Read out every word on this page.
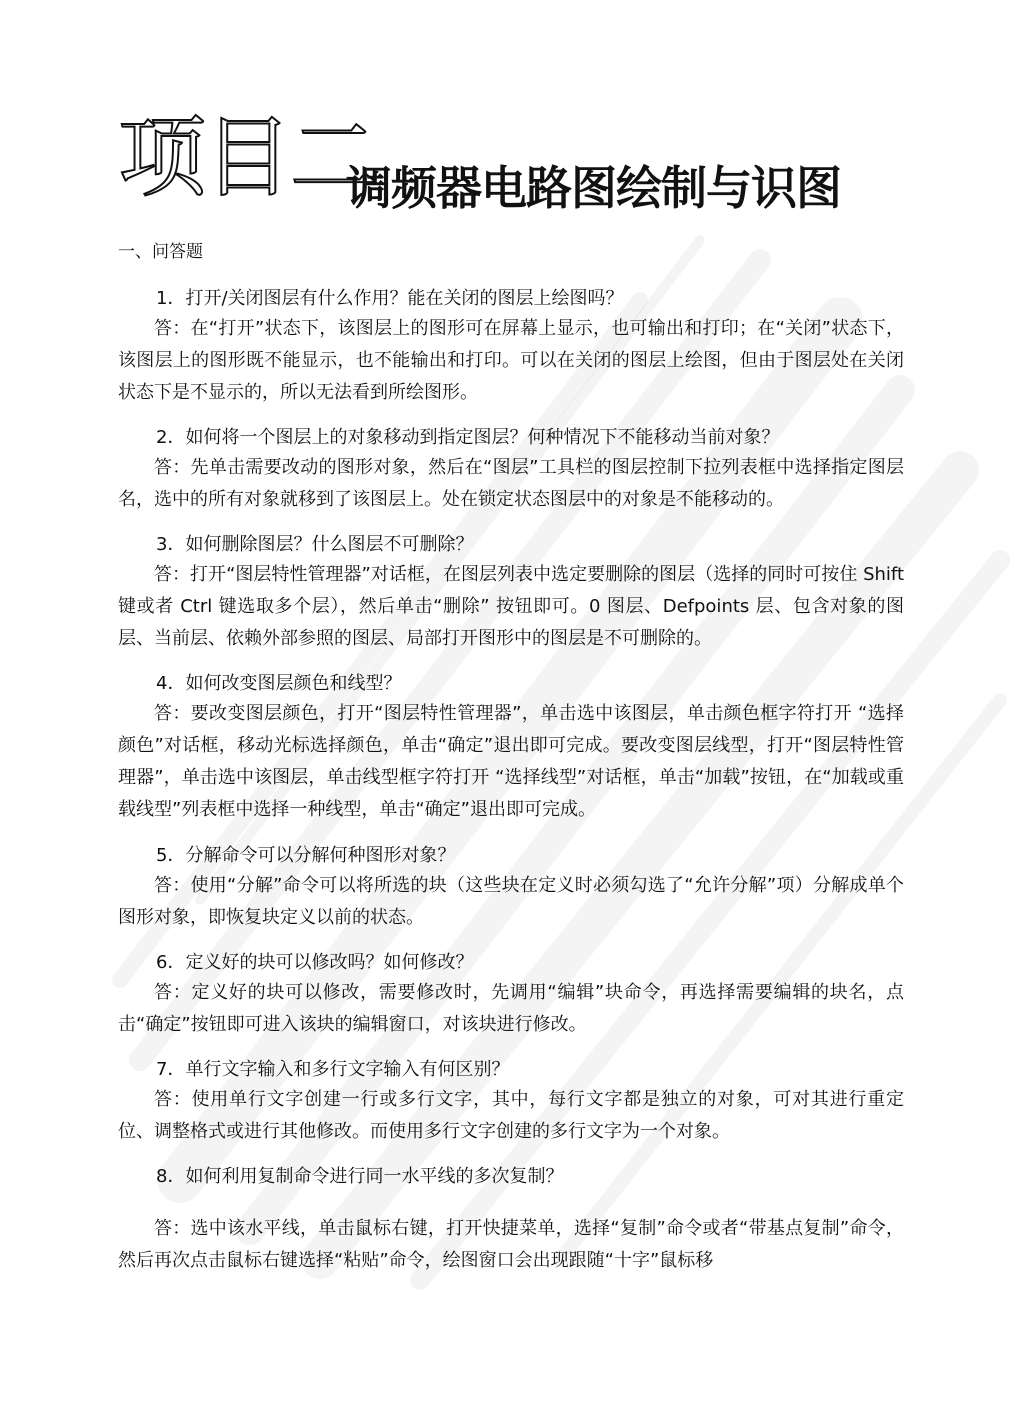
项目二
调频器电路图绘制与识图
一、问答题

1．打开/关闭图层有什么作用？能在关闭的图层上绘图吗？

答：在“打开”状态下，该图层上的图形可在屏幕上显示，也可输出和打印；在“关闭”状态下，该图层上的图形既不能显示，也不能输出和打印。可以在关闭的图层上绘图，但由于图层处在关闭状态下是不显示的，所以无法看到所绘图形。

2．如何将一个图层上的对象移动到指定图层？何种情况下不能移动当前对象？

答：先单击需要改动的图形对象，然后在“图层”工具栏的图层控制下拉列表框中选择指定图层名，选中的所有对象就移到了该图层上。处在锁定状态图层中的对象是不能移动的。

3．如何删除图层？什么图层不可删除？

答：打开“图层特性管理器”对话框，在图层列表中选定要删除的图层（选择的同时可按住 Shift 键或者 Ctrl 键选取多个层），然后单击“删除” 按钮即可。0 图层、Defpoints 层、包含对象的图层、当前层、依赖外部参照的图层、局部打开图形中的图层是不可删除的。

4．如何改变图层颜色和线型？

答：要改变图层颜色，打开“图层特性管理器”，单击选中该图层，单击颜色框字符打开 “选择颜色”对话框，移动光标选择颜色，单击“确定”退出即可完成。要改变图层线型，打开“图层特性管理器”，单击选中该图层，单击线型框字符打开 “选择线型”对话框，单击“加载”按钮，在“加载或重载线型”列表框中选择一种线型，单击“确定”退出即可完成。

5．分解命令可以分解何种图形对象？

答：使用“分解”命令可以将所选的块（这些块在定义时必须勾选了“允许分解”项）分解成单个图形对象，即恢复块定义以前的状态。

6．定义好的块可以修改吗？如何修改？

答：定义好的块可以修改，需要修改时，先调用“编辑”块命令，再选择需要编辑的块名，点击“确定”按钮即可进入该块的编辑窗口，对该块进行修改。

7．单行文字输入和多行文字输入有何区别？

答：使用单行文字创建一行或多行文字，其中，每行文字都是独立的对象，可对其进行重定位、调整格式或进行其他修改。而使用多行文字创建的多行文字为一个对象。

8．如何利用复制命令进行同一水平线的多次复制？

答：选中该水平线，单击鼠标右键，打开快捷菜单，选择“复制”命令或者“带基点复制”命令，然后再次点击鼠标右键选择“粘贴”命令，绘图窗口会出现跟随“十字”鼠标移
